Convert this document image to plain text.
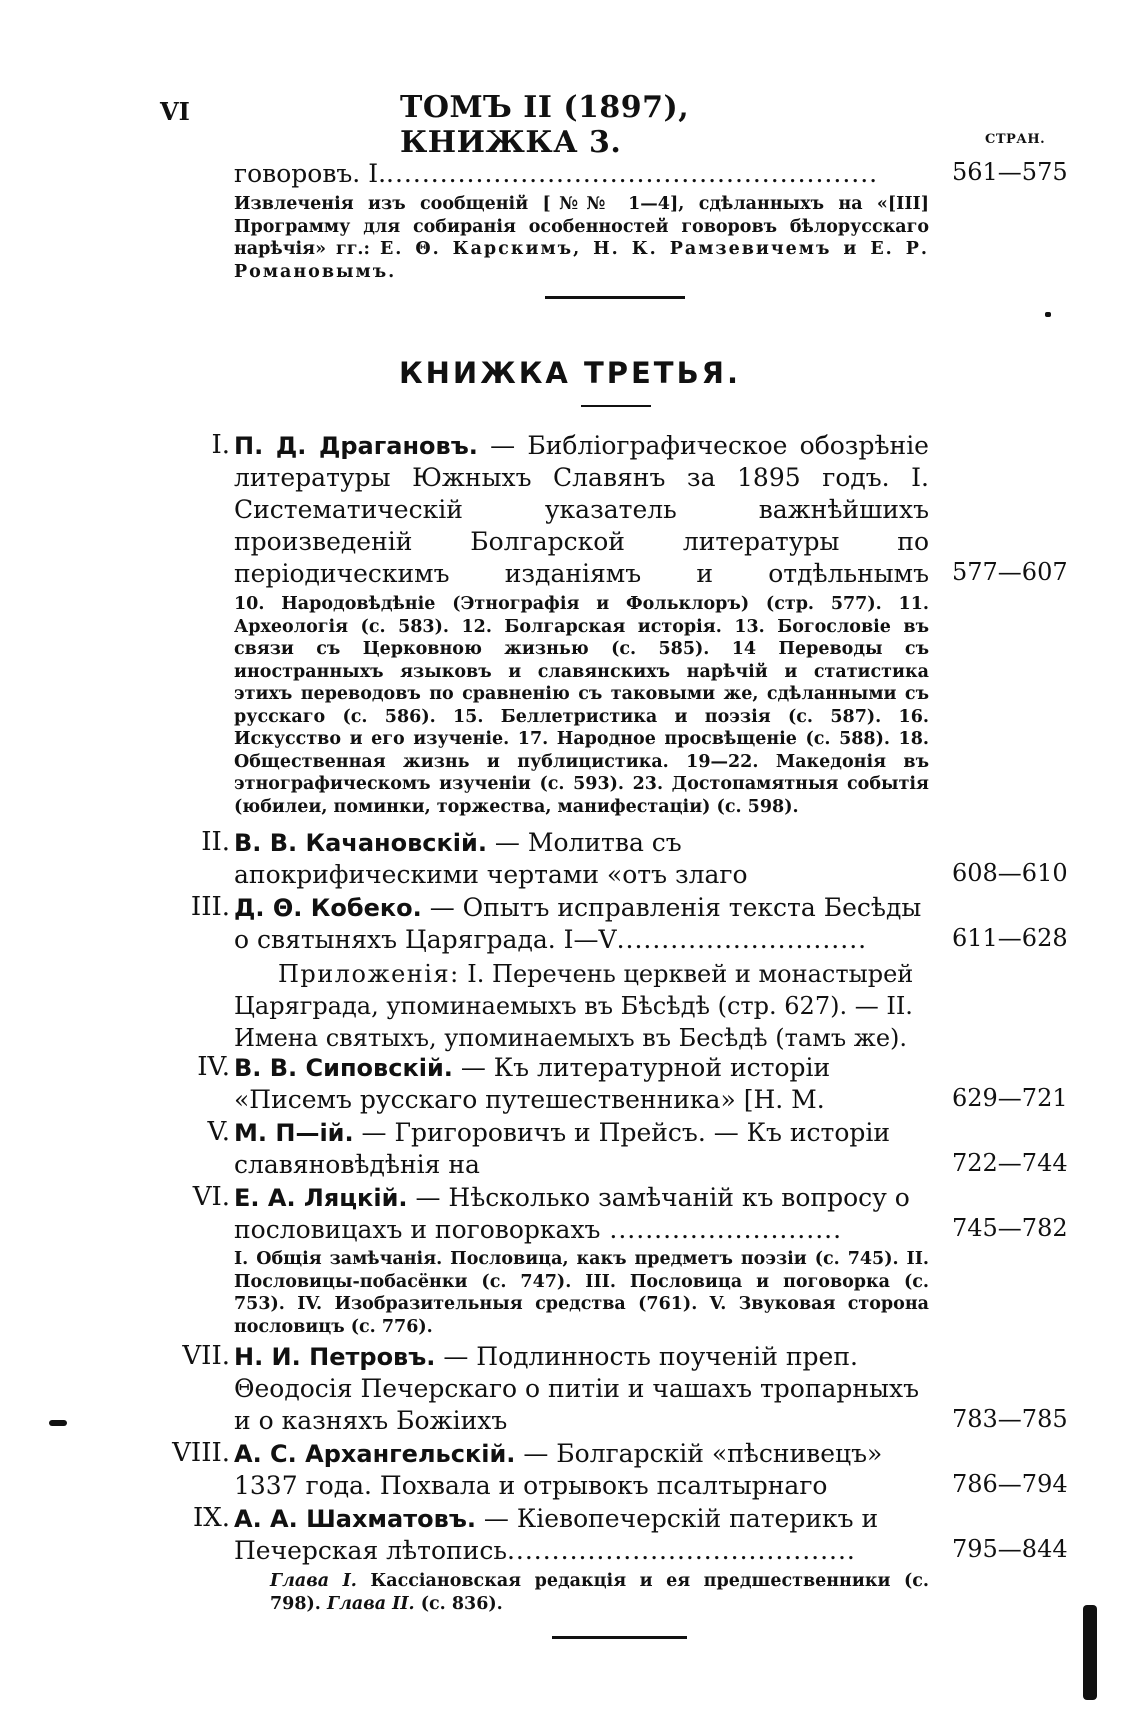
VI	ТОМЪ II (1897), КНИЖКА 3.	СТРАН.
говоровъ. I........................................................	561—575
Извлеченія изъ сообщеній [№№ 1—4], сдѣланныхъ на «[III] Программу для собиранія особенностей говоровъ бѣлорусскаго нарѣчія» гг.: Е. Θ. Карскимъ, Н. К. Рамзевичемъ и Е. Р. Романовымъ.
КНИЖКА ТРЕТЬЯ.
I. П. Д. Драгановъ. — Библіографическое обозрѣніе литературы Южныхъ Славянъ за 1895 годъ. I. Систематическій указатель важнѣйшихъ произведеній Болгарской литературы по періодическимъ изданіямъ и отдѣльнымъ 577—607
10. Народовѣдѣніе (Этнографія и Фольклоръ) (стр. 577). 11. Археологія (с. 583). 12. Болгарская исторія. 13. Богословіе въ связи съ Церковною жизнью (с. 585). 14 Переводы съ иностранныхъ языковъ и славянскихъ нарѣчій и статистика этихъ переводовъ по сравненію съ таковыми же, сдѣланными съ русскаго (с. 586). 15. Беллетристика и поэзія (с. 587). 16. Искусство и его изученіе. 17. Народное просвѣщеніе (с. 588). 18. Общественная жизнь и публицистика. 19—22. Македонія въ этнографическомъ изученіи (с. 593). 23. Достопамятныя событія (юбилеи, поминки, торжества, манифестаціи) (с. 598).
II. В. В. Качановскій. — Молитва съ апокрифическими чертами «отъ злаго	608—610
III. Д. Θ. Кобеко. — Опытъ исправленія текста Бесѣды о святыняхъ Царяграда. I—V............................	611—628
Приложенія: I. Перечень церквей и монастырей Царяграда, упоминаемыхъ въ Бѣсѣдѣ (стр. 627). — II. Имена святыхъ, упоминаемыхъ въ Бесѣдѣ (тамъ же).
IV. В. В. Сиповскій. — Къ литературной исторіи «Писемъ русскаго путешественника» [Н. М.	629—721
V. М. П—ій. — Григоровичъ и Прейсъ. — Къ исторіи славяновѣдѣнія на	722—744
VI. Е. А. Ляцкій. — Нѣсколько замѣчаній къ вопросу о пословицахъ и поговоркахъ ..........................	745—782
I. Общія замѣчанія. Пословица, какъ предметъ поэзіи (с. 745). II. Пословицы-побасёнки (с. 747). III. Пословица и поговорка (с. 753). IV. Изобразительныя средства (761). V. Звуковая сторона пословицъ (с. 776).
VII. Н. И. Петровъ. — Подлинность поученій преп. Θеодосія Печерскаго о питіи и чашахъ тропарныхъ и о казняхъ Божіихъ	783—785
VIII. А. С. Архангельскій. — Болгарскій «пѣснивецъ» 1337 года. Похвала и отрывокъ псалтырнаго	786—794
IX. А. А. Шахматовъ. — Кіевопечерскій патерикъ и Печерская лѣтопись.......................................	795—844
Глава I. Кассіановская редакція и ея предшественники (с. 798). Глава II. (с. 836).
